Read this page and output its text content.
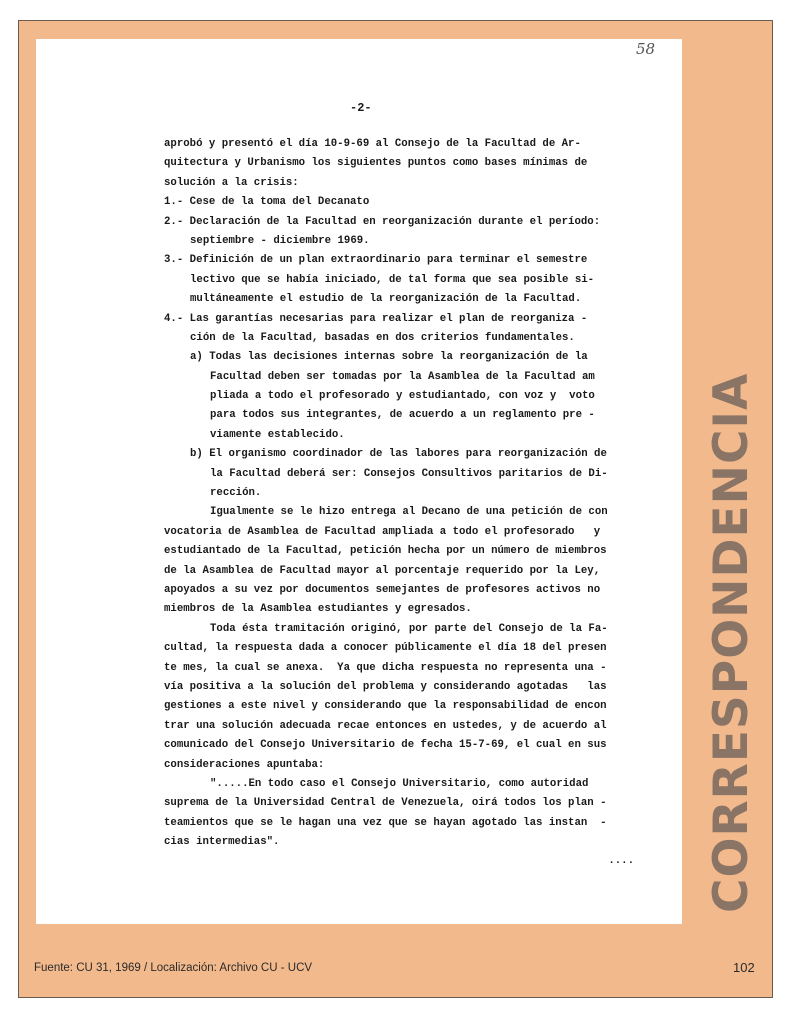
58
-2-
aprobó y presentó el día 10-9-69 al Consejo de la Facultad de Ar-
quitectura y Urbanismo los siguientes puntos como bases mínimas de
solución a la crisis:
1.- Cese de la toma del Decanato
2.- Declaración de la Facultad en reorganización durante el período:
septiembre - diciembre 1969.
3.- Definición de un plan extraordinario para terminar el semestre
lectivo que se había iniciado, de tal forma que sea posible si-
multáneamente el estudio de la reorganización de la Facultad.
4.- Las garantías necesarias para realizar el plan de reorganiza -
ción de la Facultad, basadas en dos criterios fundamentales.
a) Todas las decisiones internas sobre la reorganización de la
Facultad deben ser tomadas por la Asamblea de la Facultad am
pliada a todo el profesorado y estudiantado, con voz y  voto
para todos sus integrantes, de acuerdo a un reglamento pre -
viamente establecido.
b) El organismo coordinador de las labores para reorganización de
la Facultad deberá ser: Consejos Consultivos paritarios de Di-
rección.
Igualmente se le hizo entrega al Decano de una petición de con
vocatoria de Asamblea de Facultad ampliada a todo el profesorado   y
estudiantado de la Facultad, petición hecha por un número de miembros
de la Asamblea de Facultad mayor al porcentaje requerido por la Ley,
apoyados a su vez por documentos semejantes de profesores activos no
miembros de la Asamblea estudiantes y egresados.
Toda ésta tramitación originó, por parte del Consejo de la Fa-
cultad, la respuesta dada a conocer públicamente el día 18 del presen
te mes, la cual se anexa.  Ya que dicha respuesta no representa una -
vía positiva a la solución del problema y considerando agotadas   las
gestiones a este nivel y considerando que la responsabilidad de encon
trar una solución adecuada recae entonces en ustedes, y de acuerdo al
comunicado del Consejo Universitario de fecha 15-7-69, el cual en sus
consideraciones apuntaba:
".....En todo caso el Consejo Universitario, como autoridad
suprema de la Universidad Central de Venezuela, oirá todos los plan -
teamientos que se le hagan una vez que se hayan agotado las instan  -
cias intermedias".
.... CORRESPONDENCIA
Fuente: CU 31, 1969 / Localización: Archivo CU - UCV	102
